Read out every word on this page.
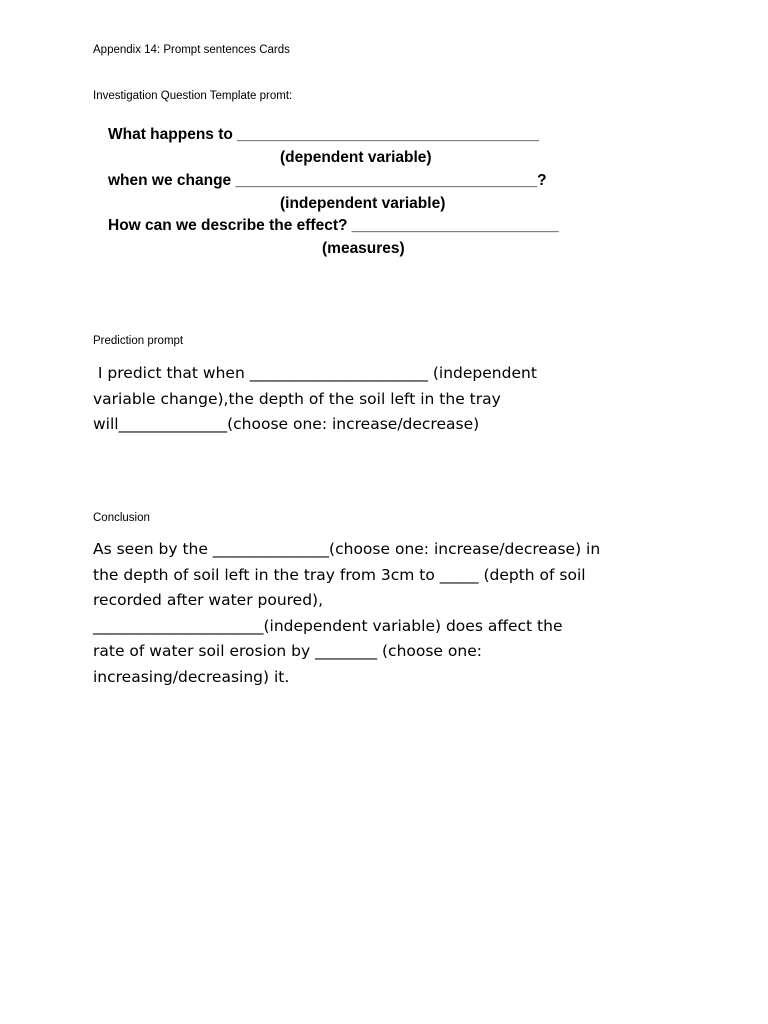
Appendix 14: Prompt sentences Cards
Investigation Question Template promt:
What happens to ___________________________________
(dependent variable)
when we change ___________________________________?
(independent variable)
How can we describe the effect? ________________________
(measures)
Prediction prompt
I predict that when _______________________ (independent
variable change),the depth of the soil left in the tray
will______________(choose one: increase/decrease)
Conclusion
As seen by the _______________(choose one: increase/decrease) in
the depth of soil left in the tray from 3cm to _____ (depth of soil
recorded after water poured),
______________________(independent variable) does affect the
rate of water soil erosion by ________ (choose one:
increasing/decreasing) it.
